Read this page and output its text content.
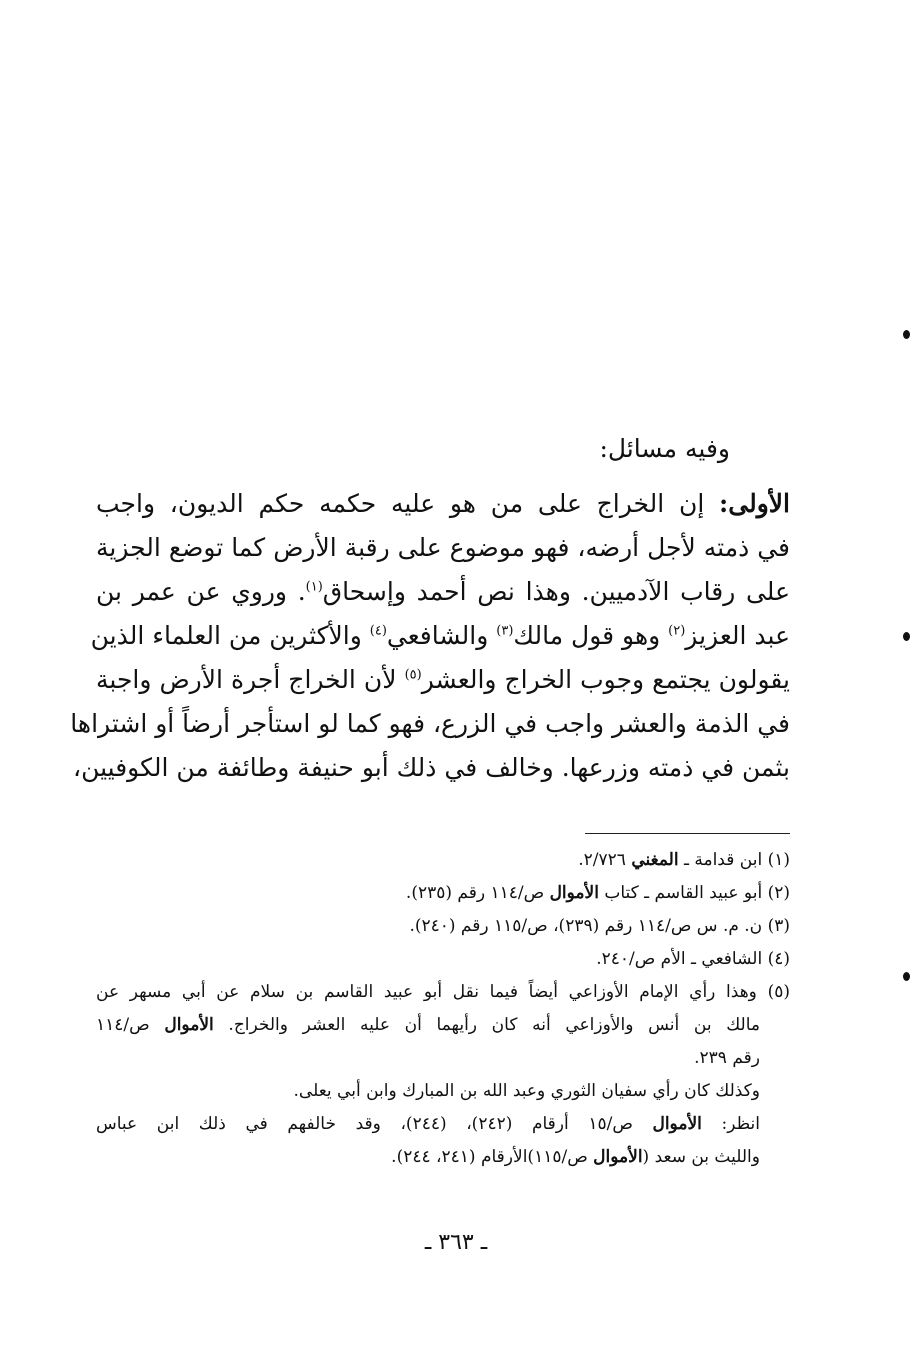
وفيه مسائل:
الأولى: إن الخراج على من هو عليه حكمه حكم الديون، واجب
في ذمته لأجل أرضه، فهو موضوع على رقبة الأرض كما توضع الجزية
على رقاب الآدميين. وهذا نص أحمد وإسحاق$^{(١)}$. وروي عن عمر بن
عبد العزيز$^{(٢)}$ وهو قول مالك$^{(٣)}$ والشافعي$^{(٤)}$ والأكثرين من العلماء الذين
يقولون يجتمع وجوب الخراج والعشر$^{(٥)}$ لأن الخراج أجرة الأرض واجبة
في الذمة والعشر واجب في الزرع، فهو كما لو استأجر أرضاً أو اشتراها
بثمن في ذمته وزرعها. وخالف في ذلك أبو حنيفة وطائفة من الكوفيين،
(١) ابن قدامة ـ المغني ٢/٧٢٦.
(٢) أبو عبيد القاسم ـ كتاب الأموال ص/١١٤ رقم (٢٣٥).
(٣) ن. م. س ص/١١٤ رقم (٢٣٩)، ص/١١٥ رقم (٢٤٠).
(٤) الشافعي ـ الأم ص/٢٤٠.
(٥) وهذا رأي الإمام الأوزاعي أيضاً فيما نقل أبو عبيد القاسم بن سلام عن أبي مسهر عن
مالك بن أنس والأوزاعي أنه كان رأيهما أن عليه العشر والخراج. الأموال ص/١١٤
رقم ٢٣٩.
وكذلك كان رأي سفيان الثوري وعبد الله بن المبارك وابن أبي يعلى.
انظر: الأموال ص/١٥ أرقام (٢٤٢)، (٢٤٤)، وقد خالفهم في ذلك ابن عباس
والليث بن سعد (الأموال ص/١١٥)الأرقام (٢٤١، ٢٤٤).
ـ ٣٦٣ ـ
